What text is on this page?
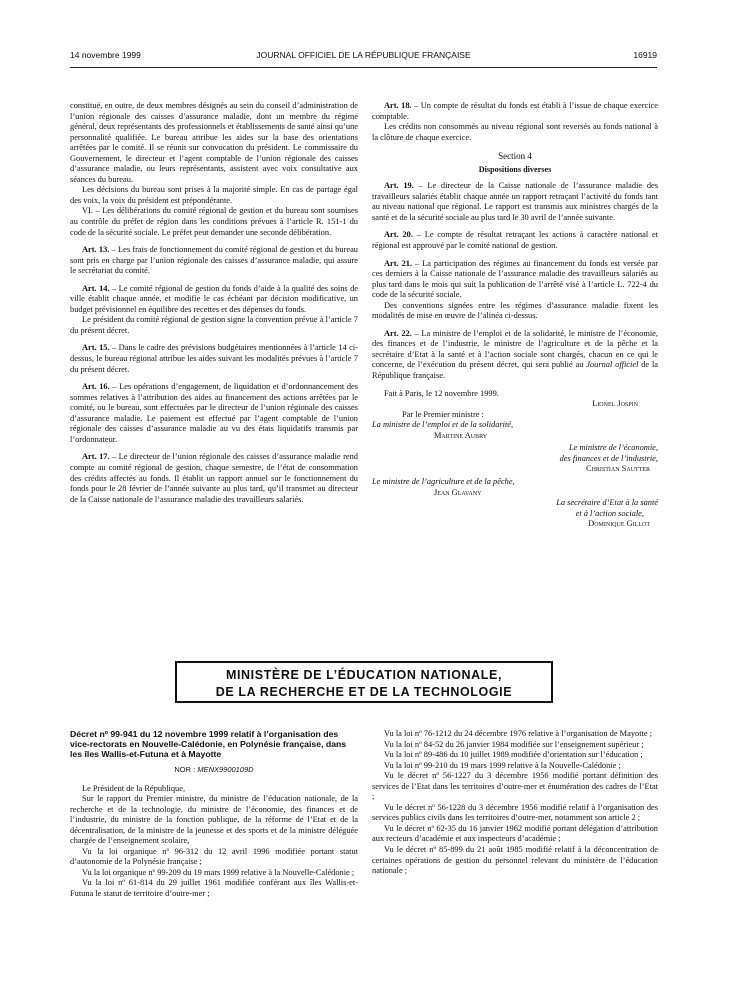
14 novembre 1999	JOURNAL OFFICIEL DE LA RÉPUBLIQUE FRANÇAISE	16919

constitué, en outre, de deux membres désignés au sein du conseil d’administration de l’union régionale des caisses d’assurance maladie, dont un membre du régime général, deux représentants des professionnels et établissements de santé ainsi qu’une personnalité qualifiée. Le bureau attribue les aides sur la base des orientations arrêtées par le comité. Il se réunit sur convocation du président. Le commissaire du Gouvernement, le directeur et l’agent comptable de l’union régionale des caisses d’assurance maladie, ou leurs représentants, assistent avec voix consultative aux séances du bureau.

Les décisions du bureau sont prises à la majorité simple. En cas de partage égal des voix, la voix du président est prépondérante.

VI. – Les délibérations du comité régional de gestion et du bureau sont soumises au contrôle du préfet de région dans les conditions prévues à l’article R. 151-1 du code de la sécurité sociale. Le préfet peut demander une seconde délibération.

Art. 13. – Les frais de fonctionnement du comité régional de gestion et du bureau sont pris en charge par l’union régionale des caisses d’assurance maladie, qui assure le secrétariat du comité.

Art. 14. – Le comité régional de gestion du fonds d’aide à la qualité des soins de ville établit chaque année, et modifie le cas échéant par décision modificative, un budget prévisionnel en équilibre des recettes et des dépenses du fonds.

Le président du comité régional de gestion signe la convention prévue à l’article 7 du présent décret.

Art. 15. – Dans le cadre des prévisions budgétaires mentionnées à l’article 14 ci-dessus, le bureau régional attribue les aides suivant les modalités prévues à l’article 7 du présent décret.

Art. 16. – Les opérations d’engagement, de liquidation et d’ordonnancement des sommes relatives à l’attribution des aides au financement des actions arrêtées par le comité, ou le bureau, sont effectuées par le directeur de l’union régionale des caisses d’assurance maladie. Le paiement est effectué par l’agent comptable de l’union régionale des caisses d’assurance maladie au vu des états liquidatifs transmis par l’ordonnateur.

Art. 17. – Le directeur de l’union régionale des caisses d’assurance maladie rend compte au comité régional de gestion, chaque semestre, de l’état de consommation des crédits affectés au fonds. Il établit un rapport annuel sur le fonctionnement du fonds pour le 28 février de l’année suivante au plus tard, qu’il transmet au directeur de la Caisse nationale de l’assurance maladie des travailleurs salariés.

Art. 18. – Un compte de résultat du fonds est établi à l’issue de chaque exercice comptable.

Les crédits non consommés au niveau régional sont reversés au fonds national à la clôture de chaque exercice.

Section 4
Dispositions diverses

Art. 19. – Le directeur de la Caisse nationale de l’assurance maladie des travailleurs salariés établit chaque année un rapport retraçant l’activité du fonds tant au niveau national que régional. Le rapport est transmis aux ministres chargés de la santé et de la sécurité sociale au plus tard le 30 avril de l’année suivante.

Art. 20. – Le compte de résultat retraçant les actions à caractère national et régional est approuvé par le comité national de gestion.

Art. 21. – La participation des régimes au financement du fonds est versée par ces derniers à la Caisse nationale de l’assurance maladie des travailleurs salariés au plus tard dans le mois qui suit la publication de l’arrêté visé à l’article L. 722-4 du code de la sécurité sociale.

Des conventions signées entre les régimes d’assurance maladie fixent les modalités de mise en œuvre de l’alinéa ci-dessus.

Art. 22. – La ministre de l’emploi et de la solidarité, le ministre de l’économie, des finances et de l’industrie, le ministre de l’agriculture et de la pêche et la secrétaire d’Etat à la santé et à l’action sociale sont chargés, chacun en ce qui le concerne, de l’exécution du présent décret, qui sera publié au Journal officiel de la République française.

Fait à Paris, le 12 novembre 1999.

Lionel Jospin
Par le Premier ministre :
La ministre de l’emploi et de la solidarité,
Martine Aubry
Le ministre de l’économie,
des finances et de l’industrie,
Christian Sautter
Le ministre de l’agriculture et de la pêche,
Jean Glavany
La secrétaire d’Etat à la santé
et à l’action sociale,
Dominique Gillot
MINISTÈRE DE L’ÉDUCATION NATIONALE,
DE LA RECHERCHE ET DE LA TECHNOLOGIE
Décret nº 99-941 du 12 novembre 1999 relatif à l’organisation des vice-rectorats en Nouvelle-Calédonie, en Polynésie française, dans les îles Wallis-et-Futuna et à Mayotte
NOR : MENX9900109D

Le Président de la République,

Sur le rapport du Premier ministre, du ministre de l’éducation nationale, de la recherche et de la technologie, du ministre de l’économie, des finances et de l’industrie, du ministre de la fonction publique, de la réforme de l’Etat et de la décentralisation, de la ministre de la jeunesse et des sports et de la ministre déléguée chargée de l’enseignement scolaire,

Vu la loi organique nº 96-312 du 12 avril 1996 modifiée portant statut d’autonomie de la Polynésie française ;

Vu la loi organique nº 99-209 du 19 mars 1999 relative à la Nouvelle-Calédonie ;

Vu la loi nº 61-814 du 29 juillet 1961 modifiée conférant aux îles Wallis-et-Futuna le statut de territoire d’outre-mer ;

Vu la loi nº 76-1212 du 24 décembre 1976 relative à l’organisation de Mayotte ;

Vu la loi nº 84-52 du 26 janvier 1984 modifiée sur l’enseignement supérieur ;

Vu la loi nº 89-486 du 10 juillet 1989 modifiée d’orientation sur l’éducation ;

Vu la loi nº 99-210 du 19 mars 1999 relative à la Nouvelle-Calédonie ;

Vu le décret nº 56-1227 du 3 décembre 1956 modifié portant définition des services de l’Etat dans les territoires d’outre-mer et énumération des cadres de l’Etat ;

Vu le décret nº 56-1228 du 3 décembre 1956 modifié relatif à l’organisation des services publics civils dans les territoires d’outre-mer, notamment son article 2 ;

Vu le décret nº 62-35 du 16 janvier 1962 modifié portant délégation d’attribution aux recteurs d’académie et aux inspecteurs d’académie ;

Vu le décret nº 85-899 du 21 août 1985 modifié relatif à la déconcentration de certaines opérations de gestion du personnel relevant du ministère de l’éducation nationale ;
